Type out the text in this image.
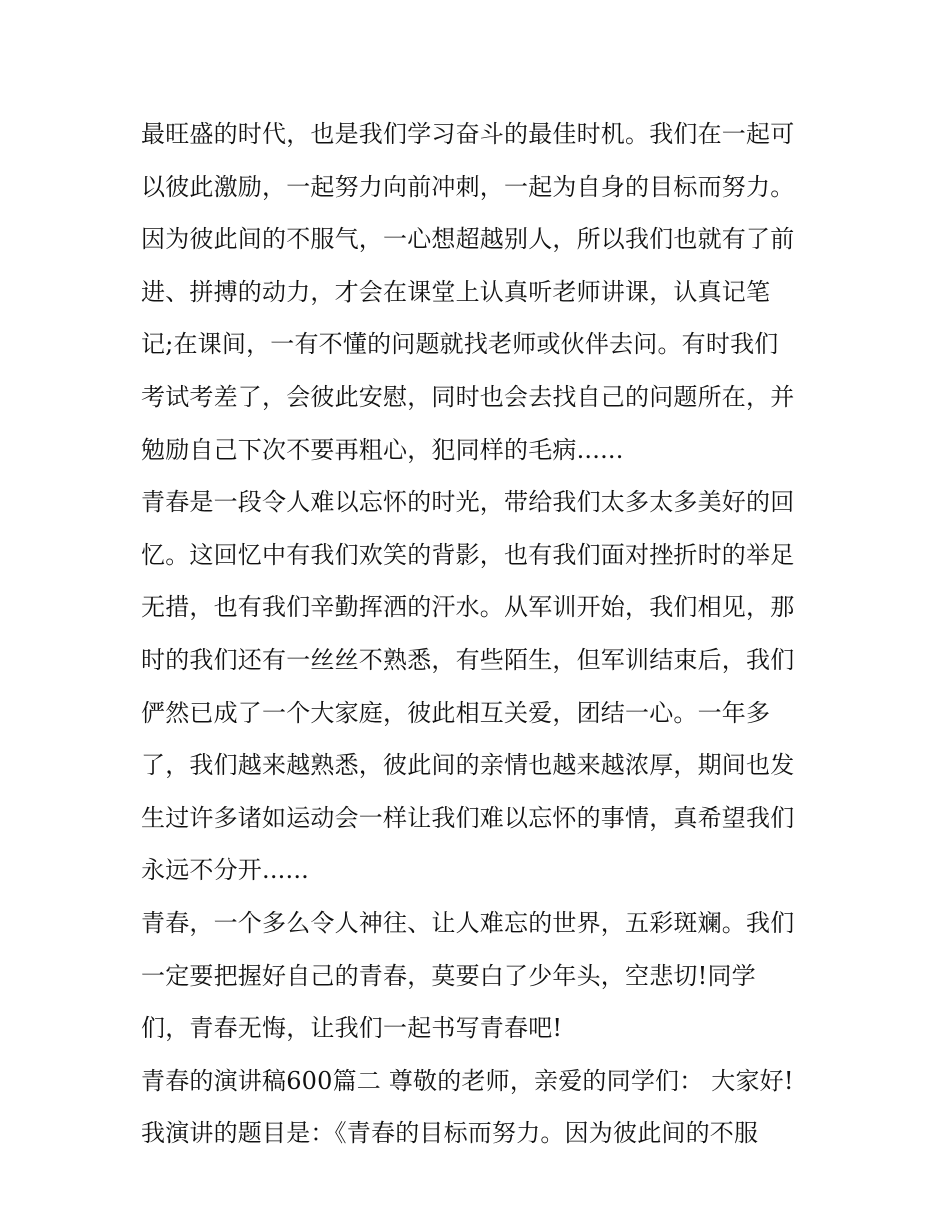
最旺盛的时代，也是我们学习奋斗的最佳时机。我们在一起可
以彼此激励，一起努力向前冲刺，一起为自身的目标而努力。
因为彼此间的不服气，一心想超越别人，所以我们也就有了前
进、拼搏的动力，才会在课堂上认真听老师讲课，认真记笔
记;在课间，一有不懂的问题就找老师或伙伴去问。有时我们
考试考差了，会彼此安慰，同时也会去找自己的问题所在，并
勉励自己下次不要再粗心，犯同样的毛病......
青春是一段令人难以忘怀的时光，带给我们太多太多美好的回
忆。这回忆中有我们欢笑的背影，也有我们面对挫折时的举足
无措，也有我们辛勤挥洒的汗水。从军训开始，我们相见，那
时的我们还有一丝丝不熟悉，有些陌生，但军训结束后，我们
俨然已成了一个大家庭，彼此相互关爱，团结一心。一年多
了，我们越来越熟悉，彼此间的亲情也越来越浓厚，期间也发
生过许多诸如运动会一样让我们难以忘怀的事情，真希望我们
永远不分开......
青春，一个多么令人神往、让人难忘的世界，五彩斑斓。我们
一定要把握好自己的青春，莫要白了少年头，空悲切!同学
们，青春无悔，让我们一起书写青春吧!
青春的演讲稿600篇二 尊敬的老师，亲爱的同学们： 大家好!
我演讲的题目是：《青春的目标而努力。因为彼此间的不服
